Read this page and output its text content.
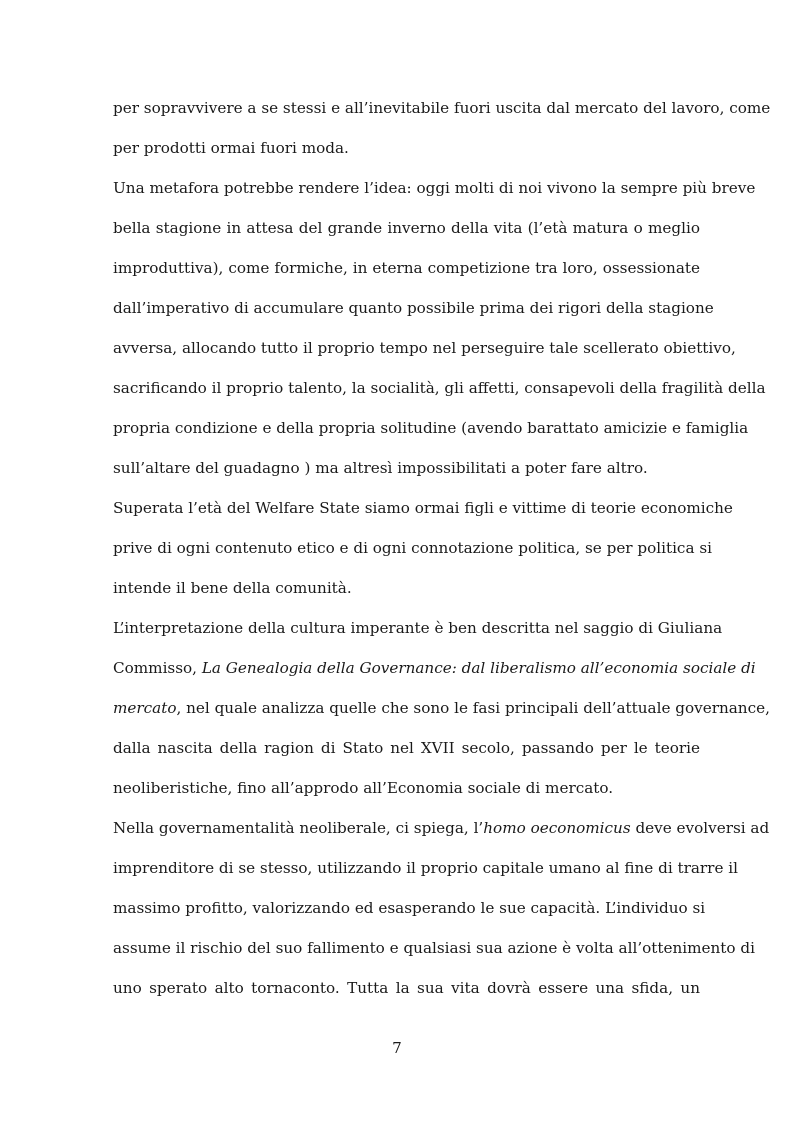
per sopravvivere a se stessi e all’inevitabile fuori uscita dal mercato del lavoro, come
per prodotti ormai fuori moda.
Una metafora potrebbe rendere l’idea: oggi molti di noi vivono la sempre più breve
bella stagione in attesa del grande inverno della vita (l’età matura o meglio
improduttiva), come formiche, in eterna competizione tra loro, ossessionate
dall’imperativo di accumulare quanto possibile prima dei rigori della stagione
avversa, allocando tutto il proprio tempo nel perseguire tale scellerato obiettivo,
sacrificando il proprio talento, la socialità, gli affetti, consapevoli della fragilità della
propria condizione e della propria solitudine (avendo barattato amicizie e famiglia
sull’altare del guadagno ) ma altresì impossibilitati a poter fare altro.
Superata l’età del Welfare State siamo ormai figli e vittime di teorie economiche
prive di ogni contenuto etico e di ogni connotazione politica, se per politica si
intende il bene della comunità.
L’interpretazione della cultura imperante è ben descritta nel saggio di Giuliana
Commisso, La Genealogia della Governance: dal liberalismo all’economia sociale di
mercato, nel quale analizza quelle che sono le fasi principali dell’attuale governance,
dalla nascita della ragion di Stato nel XVII secolo, passando per le teorie
neoliberistiche, fino all’approdo all’Economia sociale di mercato.
Nella governamentalità neoliberale, ci spiega, l’homo oeconomicus deve evolversi ad
imprenditore di se stesso, utilizzando il proprio capitale umano al fine di trarre il
massimo profitto, valorizzando ed esasperando le sue capacità. L’individuo si
assume il rischio del suo fallimento e qualsiasi sua azione è volta all’ottenimento di
uno sperato alto tornaconto. Tutta la sua vita dovrà essere una sfida, un
7
